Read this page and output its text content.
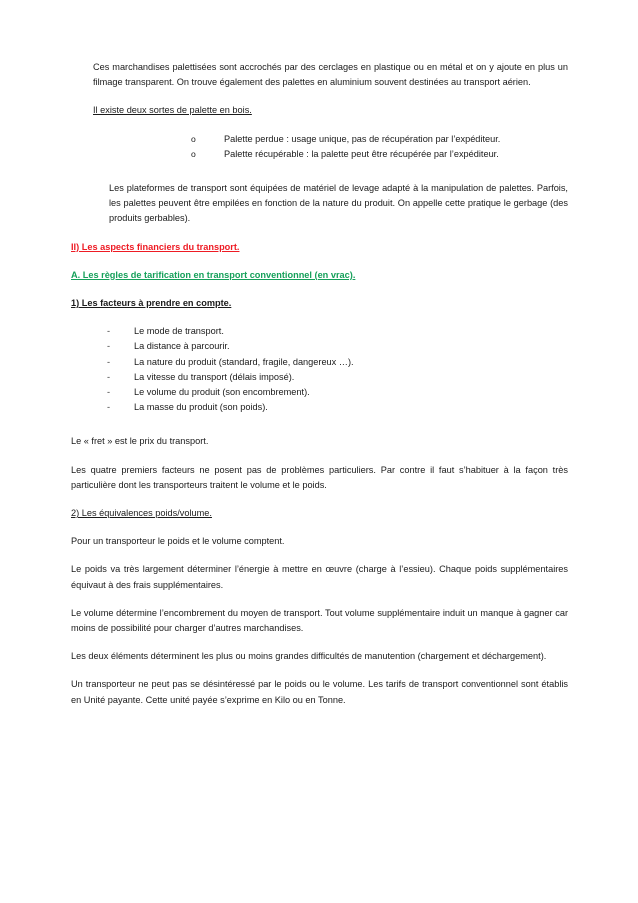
Ces marchandises palettisées sont accrochés par des cerclages en plastique ou en métal et on y ajoute en plus un filmage transparent. On trouve également des palettes en aluminium souvent destinées au transport aérien.

Il existe deux sortes de palette en bois.
o	Palette perdue : usage unique, pas de récupération par l’expéditeur.
o	Palette récupérable : la palette peut être récupérée par l’expéditeur.

Les plateformes de transport sont équipées de matériel de levage adapté à la manipulation de palettes. Parfois, les palettes peuvent être empilées en fonction de la nature du produit. On appelle cette pratique le gerbage (des produits gerbables).

II) Les aspects financiers du transport.
A. Les règles de tarification en transport conventionnel (en vrac).
1) Les facteurs à prendre en compte.
-	Le mode de transport.
-	La distance à parcourir.
-	La nature du produit (standard, fragile, dangereux …).
-	La vitesse du transport (délais imposé).
-	Le volume du produit (son encombrement).
-	La masse du produit (son poids).

Le « fret » est le prix du transport.

Les quatre premiers facteurs ne posent pas de problèmes particuliers. Par contre il faut s’habituer à la façon très particulière dont les transporteurs traitent le volume et le poids.

2) Les équivalences poids/volume.

Pour un transporteur le poids et le volume comptent.

Le poids va très largement déterminer l’énergie à mettre en œuvre (charge à l’essieu). Chaque poids supplémentaires équivaut à des frais supplémentaires.

Le volume détermine l’encombrement du moyen de transport. Tout volume supplémentaire induit un manque à gagner car moins de possibilité pour charger d’autres marchandises.

Les deux éléments déterminent les plus ou moins grandes difficultés de manutention (chargement et déchargement).

Un transporteur ne peut pas se désintéressé par le poids ou le volume. Les tarifs de transport conventionnel sont établis en Unité payante. Cette unité payée s’exprime en Kilo ou en Tonne.
